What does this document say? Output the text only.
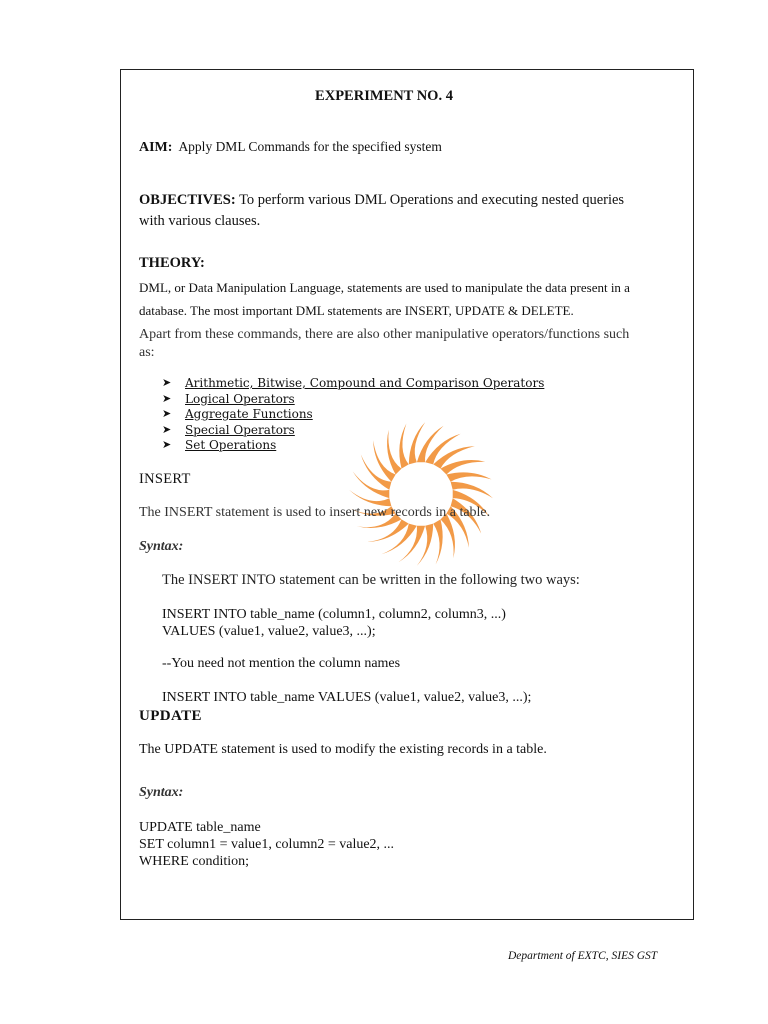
EXPERIMENT NO. 4
AIM: Apply DML Commands for the specified system
OBJECTIVES: To perform various DML Operations and executing nested queries
with various clauses.
THEORY:
DML, or Data Manipulation Language, statements are used to manipulate the data present in a
database. The most important DML statements are INSERT, UPDATE & DELETE.
Apart from these commands, there are also other manipulative operators/functions such
as:
➤	Arithmetic, Bitwise, Compound and Comparison Operators
➤	Logical Operators
➤	Aggregate Functions
➤	Special Operators
➤	Set Operations
INSERT
The INSERT statement is used to insert new records in a table.
Syntax:
The INSERT INTO statement can be written in the following two ways:
INSERT INTO table_name (column1, column2, column3, ...)
VALUES (value1, value2, value3, ...);
--You need not mention the column names
INSERT INTO table_name VALUES (value1, value2, value3, ...);
UPDATE
The UPDATE statement is used to modify the existing records in a table.
Syntax:
UPDATE table_name
SET column1 = value1, column2 = value2, ...
WHERE condition;
Department of EXTC, SIES GST
